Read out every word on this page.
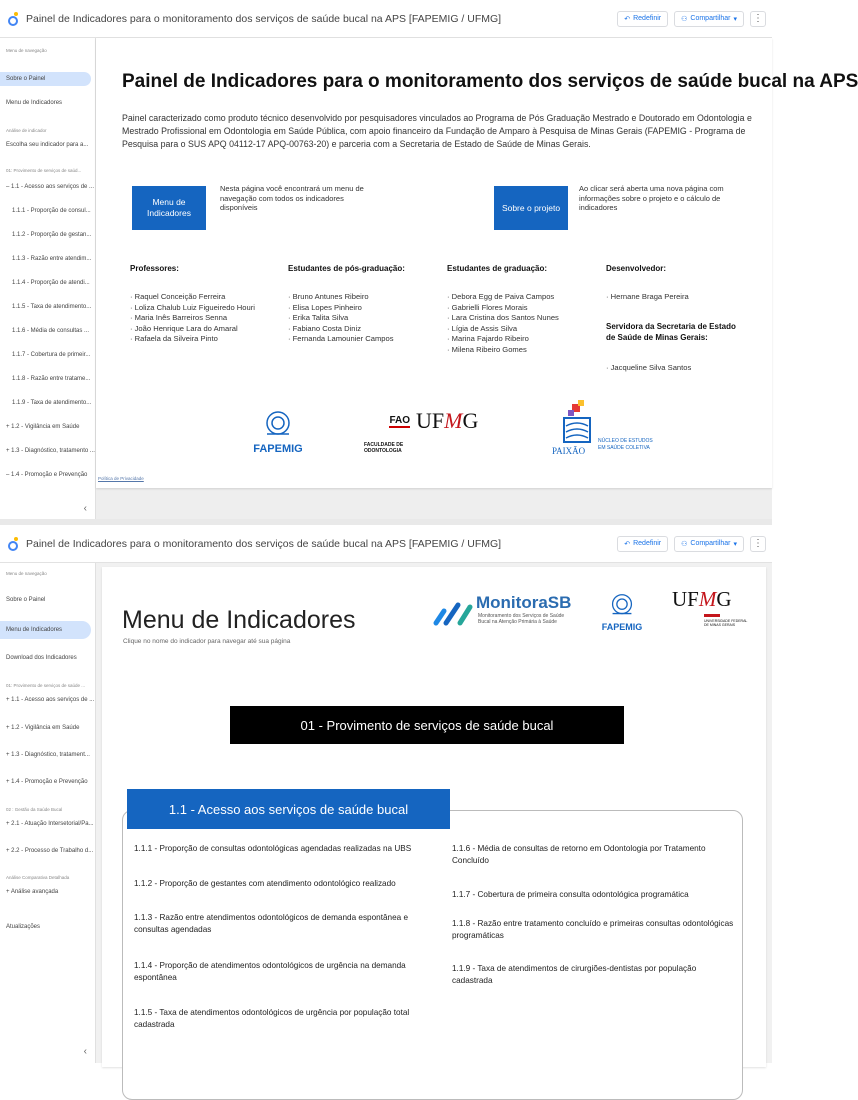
Painel de Indicadores para o monitoramento dos serviços de saúde bucal na APS [FAPEMIG / UFMG]	↶ Redefinir	⚇ Compartilhar ▾	⋮
Menu de navegação
Sobre o Painel
Menu de Indicadores
Análise de indicador
Escolha seu indicador para a...
01: Provimento de serviços de saúd...
– 1.1 - Acesso aos serviços de ...
1.1.1 - Proporção de consul...
1.1.2 - Proporção de gestan...
1.1.3 - Razão entre atendim...
1.1.4 - Proporção de atendi...
1.1.5 - Taxa de atendimento...
1.1.6 - Média de consultas ...
1.1.7 - Cobertura de primeir...
1.1.8 - Razão entre tratame...
1.1.9 - Taxa de atendimento...
+ 1.2 - Vigilância em Saúde
+ 1.3 - Diagnóstico, tratamento ...
– 1.4 - Promoção e Prevenção
‹
Painel de Indicadores para o monitoramento dos serviços de saúde bucal na APS
Painel caracterizado como produto técnico desenvolvido por pesquisadores vinculados ao Programa de Pós Graduação Mestrado e Doutorado em Odontologia e Mestrado Profissional em Odontologia em Saúde Pública, com apoio financeiro da Fundação de Amparo à Pesquisa de Minas Gerais (FAPEMIG - Programa de Pesquisa para o SUS APQ 04112-17 APQ-00763-20) e parceria com a Secretaria de Estado de Saúde de Minas Gerais.
Menu de Indicadores
Nesta página você encontrará um menu de navegação com todos os indicadores disponíveis	Sobre o projeto
Ao clicar será aberta uma nova página com informações sobre o projeto e o cálculo de indicadores
Professores:
· Raquel Conceição Ferreira
· Loliza Chalub Luiz Figueiredo Houri
· Maria Inês Barreiros Senna
· João Henrique Lara do Amaral
· Rafaela da Silveira Pinto
Estudantes de pós-graduação:
· Bruno Antunes Ribeiro
· Elisa Lopes Pinheiro
· Erika Talita Silva
· Fabiano Costa Diniz
· Fernanda Lamounier Campos
Estudantes de graduação:
· Debora Egg de Paiva Campos
· Gabrielli Flores Morais
· Lara Cristina dos Santos Nunes
· Lígia de Assis Silva
· Marina Fajardo Ribeiro
· Milena Ribeiro Gomes
Desenvolvedor:
· Hernane Braga Pereira
Servidora da Secretaria de Estado
de Saúde de Minas Gerais:
· Jacqueline Silva Santos
FAPEMIG
FAO
FACULDADE DE
ODONTOLOGIA
UFMG
PAIXÃO
NÚCLEO DE ESTUDOS
EM SAÚDE COLETIVA
Política de Privacidade
Painel de Indicadores para o monitoramento dos serviços de saúde bucal na APS [FAPEMIG / UFMG]	↶ Redefinir	⚇ Compartilhar ▾	⋮
Menu de navegação
Sobre o Painel
Menu de Indicadores
Download dos Indicadores
01: Provimento de serviços de saúde ...
+ 1.1 - Acesso aos serviços de ...
+ 1.2 - Vigilância em Saúde
+ 1.3 - Diagnóstico, tratament...
+ 1.4 - Promoção e Prevenção
02 : Gestão da Saúde Bucal
+ 2.1 - Atuação Intersetorial/Pa...
+ 2.2 - Processo de Trabalho d...
Análise Comparativa Detalhada
+ Análise avançada
Atualizações
‹
Menu de Indicadores
Clique no nome do indicador para navegar até sua página
MonitoraSB
Monitoramento dos Serviços de Saúde
Bucal na Atenção Primária à Saúde	FAPEMIG
UFMG
UNIVERSIDADE FEDERAL
DE MINAS GERAIS
01 - Provimento de serviços de saúde bucal
1.1 - Acesso aos serviços de saúde bucal
1.1.1 - Proporção de consultas odontológicas agendadas realizadas na UBS
1.1.2 - Proporção de gestantes com atendimento odontológico realizado
1.1.3 - Razão entre atendimentos odontológicos de demanda espontânea e consultas agendadas
1.1.4 - Proporção de atendimentos odontológicos de urgência na demanda espontânea
1.1.5 - Taxa de atendimentos odontológicos de urgência por população total cadastrada
1.1.6 - Média de consultas de retorno em Odontologia por Tratamento Concluído
1.1.7 - Cobertura de primeira consulta odontológica programática
1.1.8 - Razão entre tratamento concluído e primeiras consultas odontológicas programáticas
1.1.9 - Taxa de atendimentos de cirurgiões-dentistas por população cadastrada
